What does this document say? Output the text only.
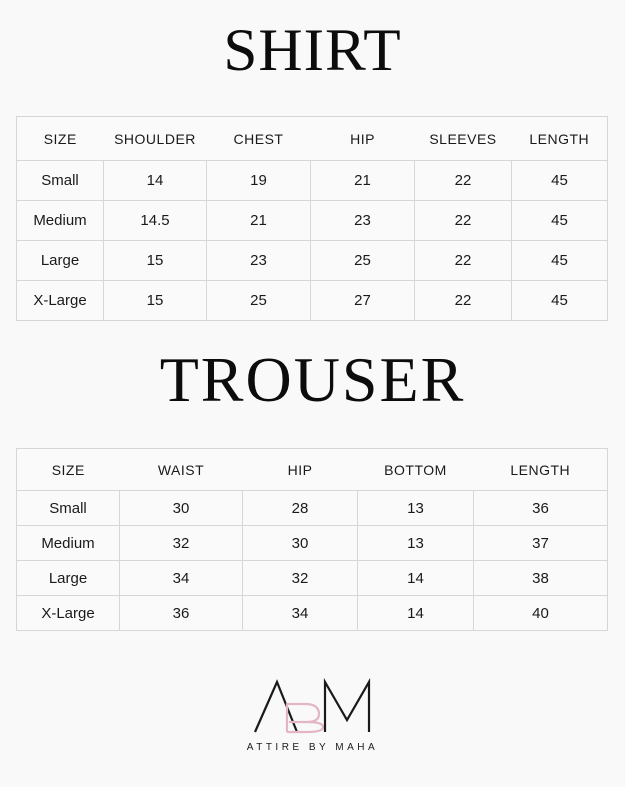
SHIRT
SIZE	SHOULDER	CHEST	HIP	SLEEVES	LENGTH
Small	14	19	21	22	45
Medium	14.5	21	23	22	45
Large	15	23	25	22	45
X-Large	15	25	27	22	45
TROUSER
SIZE	WAIST	HIP	BOTTOM	LENGTH
Small	30	28	13	36
Medium	32	30	13	37
Large	34	32	14	38
X-Large	36	34	14	40
ATTIRE BY MAHA
